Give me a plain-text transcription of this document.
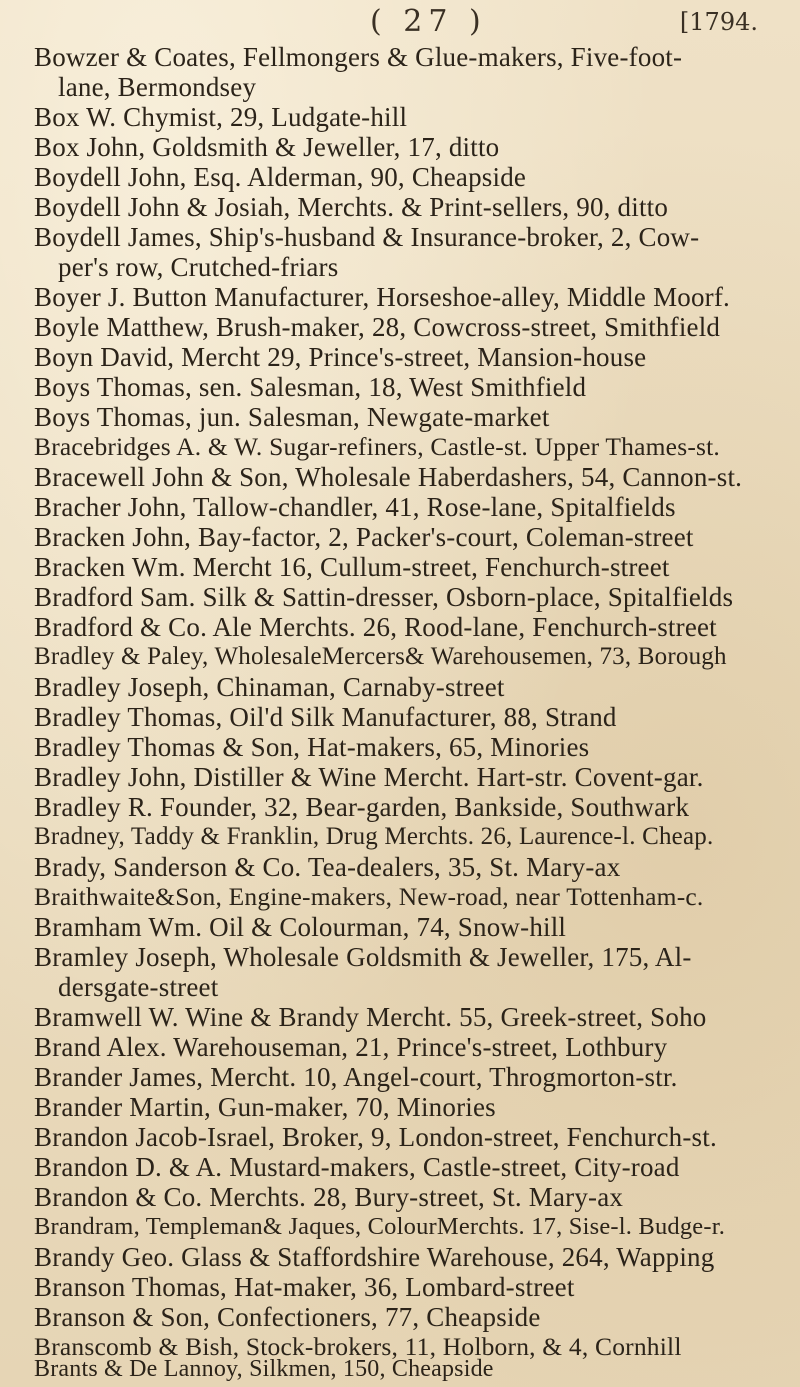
( 27 )	[1794.
Bowzer & Coates, Fellmongers & Glue-makers, Five-foot-
lane, Bermondsey
Box W. Chymist, 29, Ludgate-hill
Box John, Goldsmith & Jeweller, 17, ditto
Boydell John, Esq. Alderman, 90, Cheapside
Boydell John & Josiah, Merchts. & Print-sellers, 90, ditto
Boydell James, Ship's-husband & Insurance-broker, 2, Cow-
per's row, Crutched-friars
Boyer J. Button Manufacturer, Horseshoe-alley, Middle Moorf.
Boyle Matthew, Brush-maker, 28, Cowcross-street, Smithfield
Boyn David, Mercht 29, Prince's-street, Mansion-house
Boys Thomas, sen. Salesman, 18, West Smithfield
Boys Thomas, jun. Salesman, Newgate-market
Bracebridges A. & W. Sugar-refiners, Castle-st. Upper Thames-st.
Bracewell John & Son, Wholesale Haberdashers, 54, Cannon-st.
Bracher John, Tallow-chandler, 41, Rose-lane, Spitalfields
Bracken John, Bay-factor, 2, Packer's-court, Coleman-street
Bracken Wm. Mercht 16, Cullum-street, Fenchurch-street
Bradford Sam. Silk & Sattin-dresser, Osborn-place, Spitalfields
Bradford & Co. Ale Merchts. 26, Rood-lane, Fenchurch-street
Bradley & Paley, WholesaleMercers& Warehousemen, 73, Borough
Bradley Joseph, Chinaman, Carnaby-street
Bradley Thomas, Oil'd Silk Manufacturer, 88, Strand
Bradley Thomas & Son, Hat-makers, 65, Minories
Bradley John, Distiller & Wine Mercht. Hart-str. Covent-gar.
Bradley R. Founder, 32, Bear-garden, Bankside, Southwark
Bradney, Taddy & Franklin, Drug Merchts. 26, Laurence-l. Cheap.
Brady, Sanderson & Co. Tea-dealers, 35, St. Mary-ax
Braithwaite&Son, Engine-makers, New-road, near Tottenham-c.
Bramham Wm. Oil & Colourman, 74, Snow-hill
Bramley Joseph, Wholesale Goldsmith & Jeweller, 175, Al-
dersgate-street
Bramwell W. Wine & Brandy Mercht. 55, Greek-street, Soho
Brand Alex. Warehouseman, 21, Prince's-street, Lothbury
Brander James, Mercht. 10, Angel-court, Throgmorton-str.
Brander Martin, Gun-maker, 70, Minories
Brandon Jacob-Israel, Broker, 9, London-street, Fenchurch-st.
Brandon D. & A. Mustard-makers, Castle-street, City-road
Brandon & Co. Merchts. 28, Bury-street, St. Mary-ax
Brandram, Templeman& Jaques, ColourMerchts. 17, Sise-l. Budge-r.
Brandy Geo. Glass & Staffordshire Warehouse, 264, Wapping
Branson Thomas, Hat-maker, 36, Lombard-street
Branson & Son, Confectioners, 77, Cheapside
Branscomb & Bish, Stock-brokers, 11, Holborn, & 4, Cornhill
Brants & De Lannoy, Silkmen, 150, Cheapside
